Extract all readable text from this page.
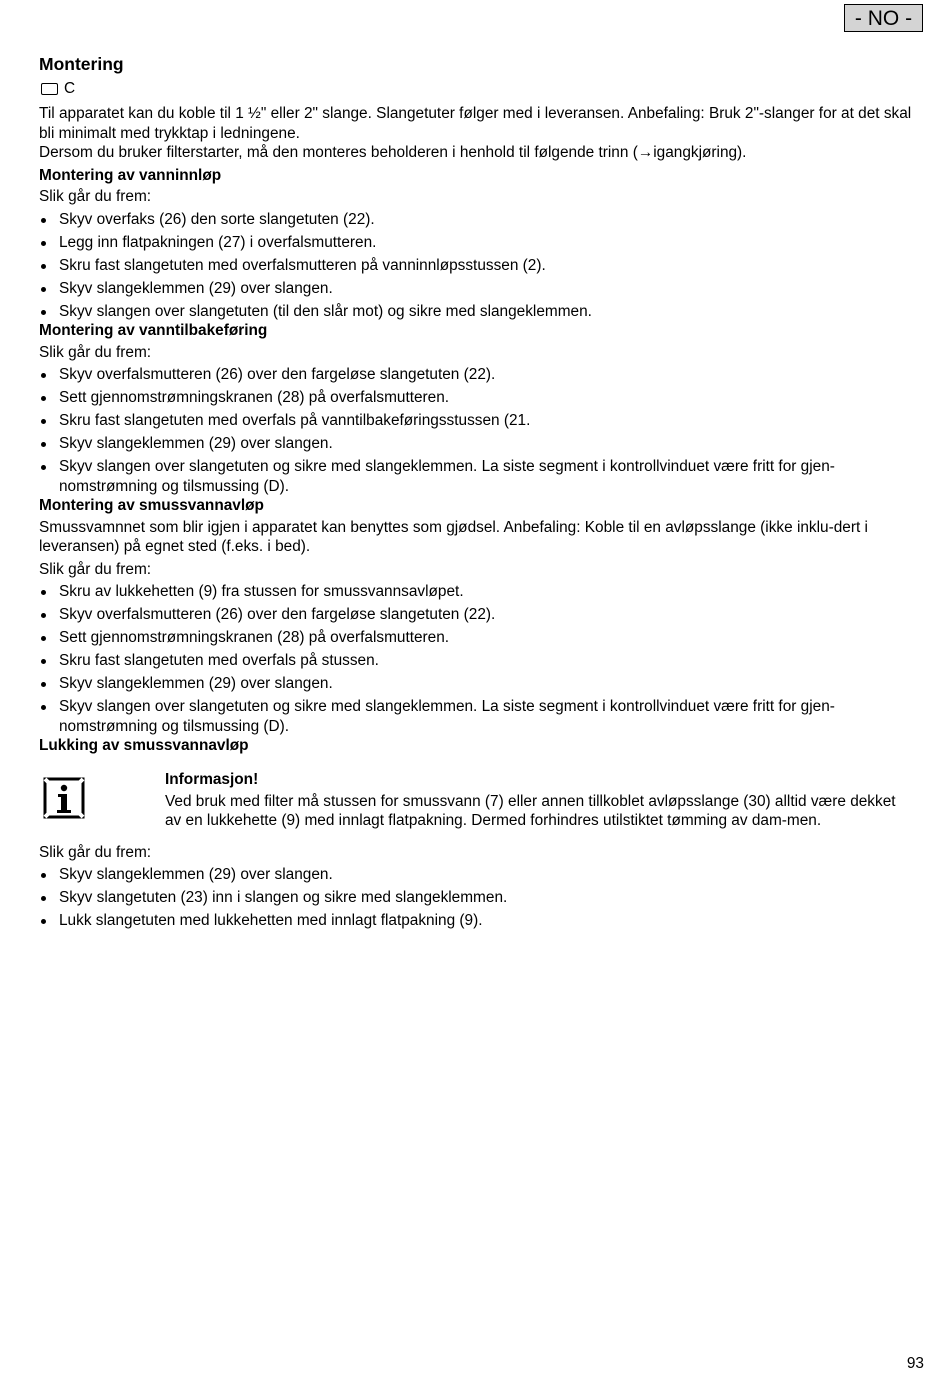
- NO -
Montering
C

Til apparatet kan du koble til 1 ½" eller 2" slange. Slangetuter følger med i leveransen. Anbefaling: Bruk 2"-slanger for at det skal bli minimalt med trykktap i ledningene.

Dersom du bruker filterstarter, må den monteres beholderen i henhold til følgende trinn (→igangkjøring).

Montering av vanninnløp
Slik går du frem:
Skyv overfaks (26) den sorte slangetuten (22).
Legg inn flatpakningen (27) i overfalsmutteren.
Skru fast slangetuten med overfalsmutteren på vanninnløpsstussen (2).
Skyv slangeklemmen (29) over slangen.
Skyv slangen over slangetuten (til den slår mot) og sikre med slangeklemmen.
Montering av vanntilbakeføring
Slik går du frem:
Skyv overfalsmutteren (26) over den fargeløse slangetuten (22).
Sett gjennomstrømningskranen (28) på overfalsmutteren.
Skru fast slangetuten med overfals på vanntilbakeføringsstussen (21.
Skyv slangeklemmen (29) over slangen.
Skyv slangen over slangetuten og sikre med slangeklemmen. La siste segment i kontrollvinduet være fritt for gjen-nomstrømning og tilsmussing (D).
Montering av smussvannavløp
Smussvamnnet som blir igjen i apparatet kan benyttes som gjødsel. Anbefaling: Koble til en avløpsslange (ikke inklu-dert i leveransen) på egnet sted (f.eks. i bed).
Slik går du frem:
Skru av lukkehetten (9) fra stussen for smussvannsavløpet.
Skyv overfalsmutteren (26) over den fargeløse slangetuten (22).
Sett gjennomstrømningskranen (28) på overfalsmutteren.
Skru fast slangetuten med overfals på stussen.
Skyv slangeklemmen (29) over slangen.
Skyv slangen over slangetuten og sikre med slangeklemmen. La siste segment i kontrollvinduet være fritt for gjen-nomstrømning og tilsmussing (D).
Lukking av smussvannavløp
Informasjon!

Ved bruk med filter må stussen for smussvann (7) eller annen tillkoblet avløpsslange (30) alltid være dekket av en lukkehette (9) med innlagt flatpakning. Dermed forhindres utilstiktet tømming av dam-men.

Slik går du frem:
Skyv slangeklemmen (29) over slangen.
Skyv slangetuten (23) inn i slangen og sikre med slangeklemmen.
Lukk slangetuten med lukkehetten med innlagt flatpakning (9).
93
